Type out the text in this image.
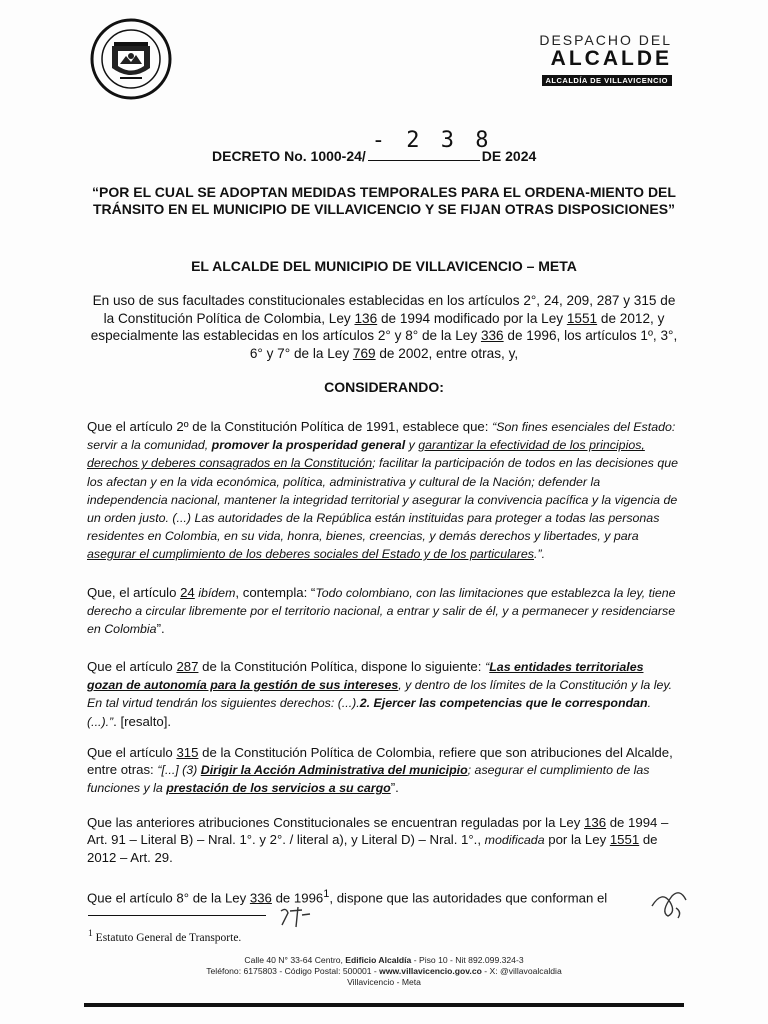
DESPACHO DEL
ALCALDE
ALCALDÍA DE VILLAVICENCIO
DECRETO No. 1000-24/
- 2 3 8
DE 2024
“POR EL CUAL SE ADOPTAN MEDIDAS TEMPORALES PARA EL ORDENA-MIENTO DEL TRÁNSITO EN EL MUNICIPIO DE VILLAVICENCIO Y SE FIJAN OTRAS DISPOSICIONES”
EL ALCALDE DEL MUNICIPIO DE VILLAVICENCIO – META
En uso de sus facultades constitucionales establecidas en los artículos 2°, 24, 209, 287 y 315 de la Constitución Política de Colombia, Ley 136 de 1994 modificado por la Ley 1551 de 2012, y especialmente las establecidas en los artículos 2° y 8° de la Ley 336 de 1996, los artículos 1º, 3°, 6° y 7° de la Ley 769 de 2002, entre otras, y,
CONSIDERANDO:
Que el artículo 2º de la Constitución Política de 1991, establece que: “Son fines esenciales del Estado: servir a la comunidad, promover la prosperidad general y garantizar la efectividad de los principios, derechos y deberes consagrados en la Constitución; facilitar la participación de todos en las decisiones que los afectan y en la vida económica, política, administrativa y cultural de la Nación; defender la independencia nacional, mantener la integridad territorial y asegurar la convivencia pacífica y la vigencia de un orden justo. (...) Las autoridades de la República están instituidas para proteger a todas las personas residentes en Colombia, en su vida, honra, bienes, creencias, y demás derechos y libertades, y para asegurar el cumplimiento de los deberes sociales del Estado y de los particulares.”.
Que, el artículo 24 ibídem, contempla: “Todo colombiano, con las limitaciones que establezca la ley, tiene derecho a circular libremente por el territorio nacional, a entrar y salir de él, y a permanecer y residenciarse en Colombia”.
Que el artículo 287 de la Constitución Política, dispone lo siguiente: “Las entidades territoriales gozan de autonomía para la gestión de sus intereses, y dentro de los límites de la Constitución y la ley. En tal virtud tendrán los siguientes derechos: (...).2. Ejercer las competencias que le correspondan. (...).”. [resalto].
Que el artículo 315 de la Constitución Política de Colombia, refiere que son atribuciones del Alcalde, entre otras: “[...] (3) Dirigir la Acción Administrativa del municipio; asegurar el cumplimiento de las funciones y la prestación de los servicios a su cargo”.
Que las anteriores atribuciones Constitucionales se encuentran reguladas por la Ley 136 de 1994 – Art. 91 – Literal B) – Nral. 1°. y 2°. / literal a), y Literal D) – Nral. 1°., modificada por la Ley 1551 de 2012 – Art. 29.
Que el artículo 8° de la Ley 336 de 1996$^1$, dispone que las autoridades que conforman el
$^1$ Estatuto General de Transporte.
Calle 40 N° 33-64 Centro, Edificio Alcaldía - Piso 10 - Nit 892.099.324-3
Teléfono: 6175803 - Código Postal: 500001 - www.villavicencio.gov.co - X: @villavoalcaldia
Villavicencio - Meta
